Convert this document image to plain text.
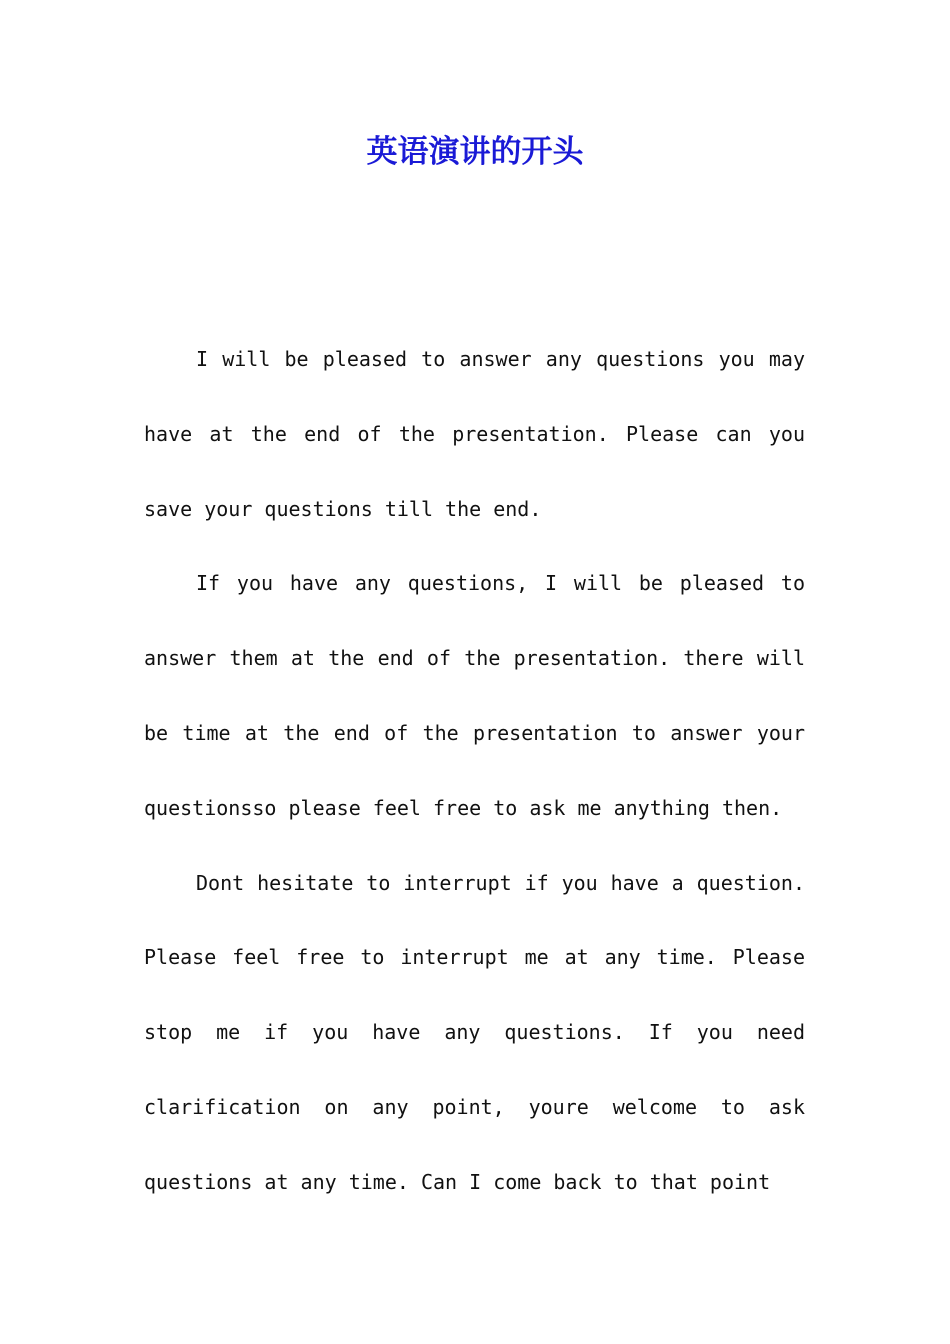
英语演讲的开头

I will be pleased to answer any questions you may have at the end of the presentation. Please can you save your questions till the end.

If you have any questions, I will be pleased to answer them at the end of the presentation. there will be time at the end of the presentation to answer your questionsso please feel free to ask me anything then.

Dont hesitate to interrupt if you have a question. Please feel free to interrupt me at any time. Please stop me if you have any questions. If you need clarification on any point, youre welcome to ask questions at any time. Can I come back to that point
